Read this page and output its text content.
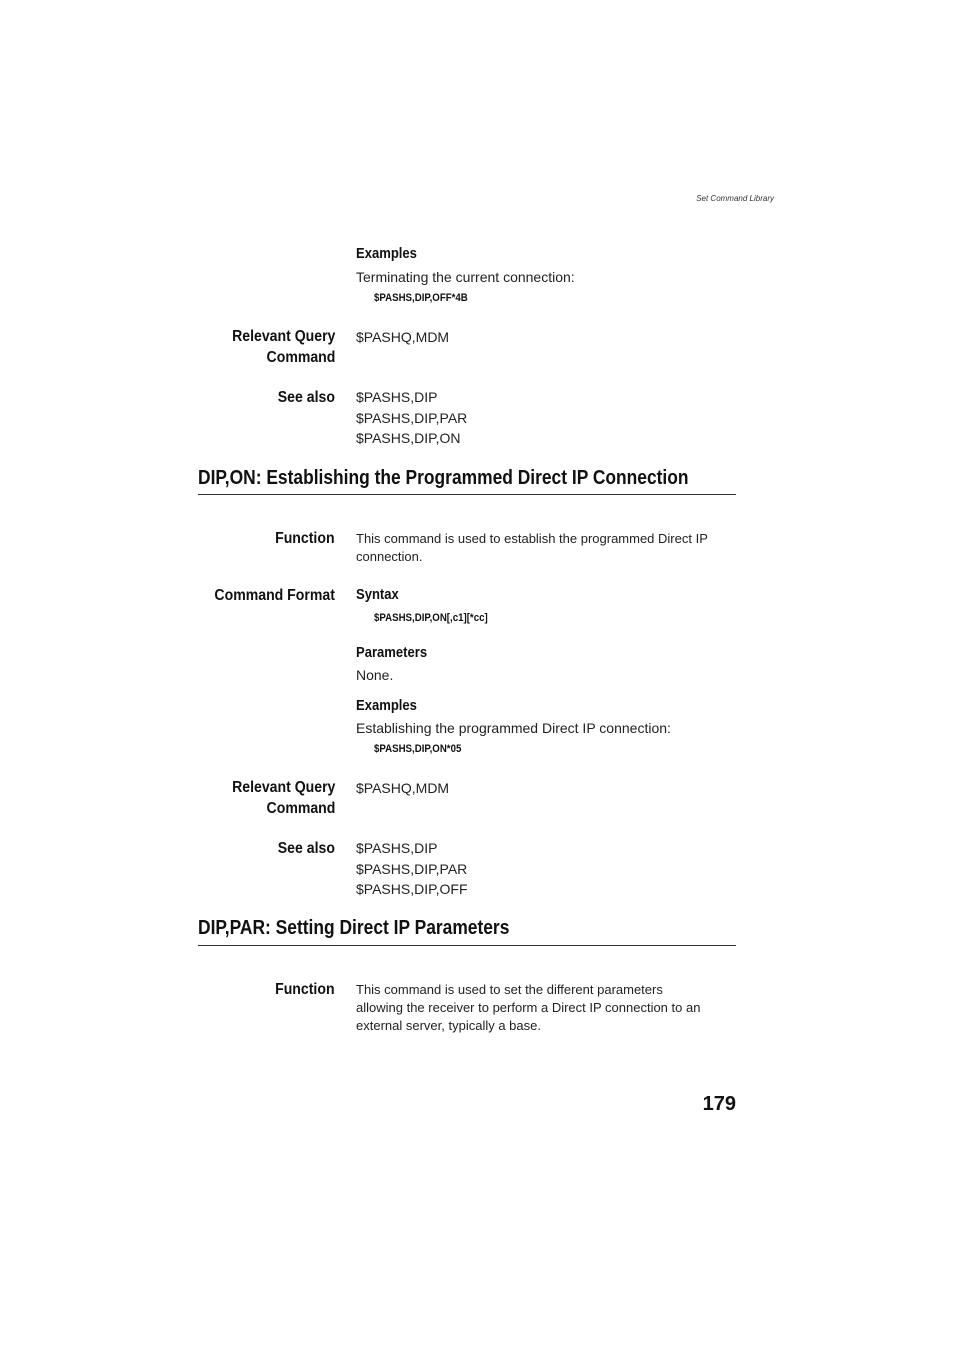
Set Command Library
Examples
Terminating the current connection:
$PASHS,DIP,OFF*4B
Relevant Query
Command
$PASHQ,MDM
See also $PASHS,DIP
$PASHS,DIP,PAR
$PASHS,DIP,ON
DIP,ON: Establishing the Programmed Direct IP Connection
Function This command is used to establish the programmed Direct IP
connection.
Command Format Syntax
$PASHS,DIP,ON[,c1][*cc]
Parameters
None.
Examples
Establishing the programmed Direct IP connection:
$PASHS,DIP,ON*05
Relevant Query
Command
$PASHQ,MDM
See also $PASHS,DIP
$PASHS,DIP,PAR
$PASHS,DIP,OFF
DIP,PAR: Setting Direct IP Parameters
Function This command is used to set the different parameters
allowing the receiver to perform a Direct IP connection to an
external server, typically a base.
179
